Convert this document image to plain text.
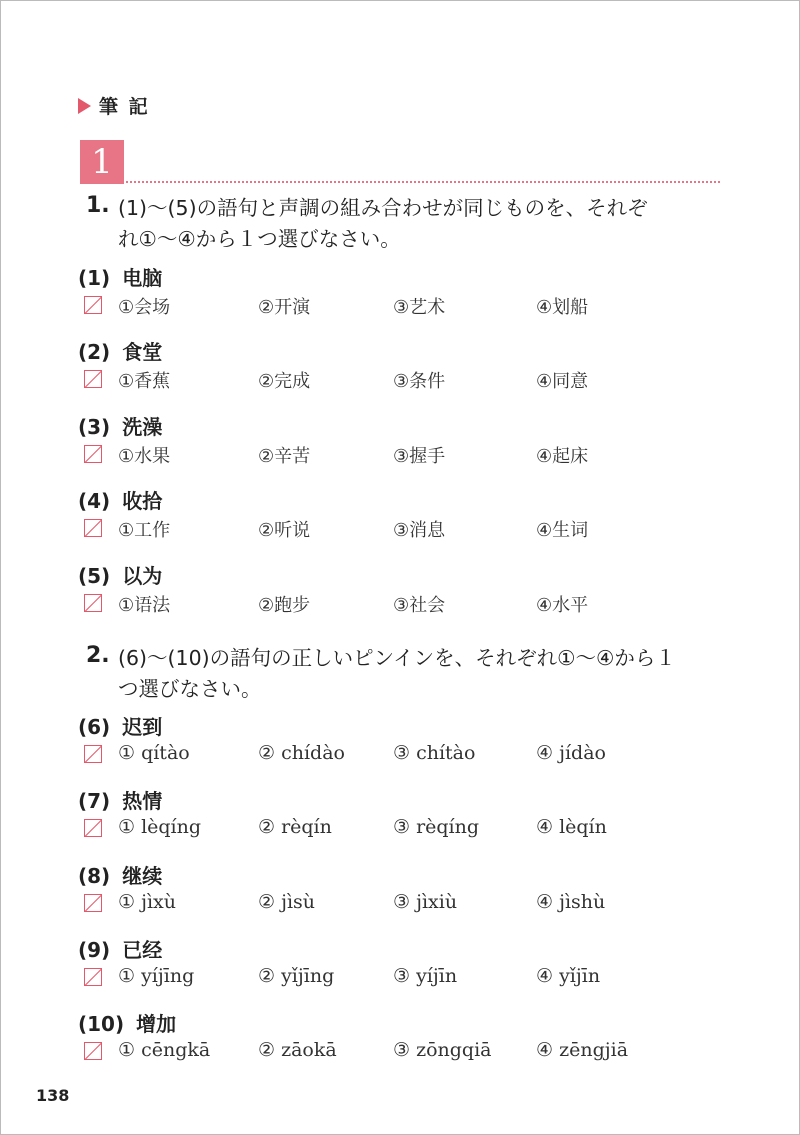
筆 記
1
1. (1)〜(5)の語句と声調の組み合わせが同じものを、それぞ
れ①〜④から１つ選びなさい。
(1) 电脑
①会场	②开演	③艺术	④划船
(2) 食堂
①香蕉	②完成	③条件	④同意
(3) 洗澡
①水果	②辛苦	③握手	④起床
(4) 收拾
①工作	②听说	③消息	④生词
(5) 以为
①语法	②跑步	③社会	④水平
2. (6)〜(10)の語句の正しいピンインを、それぞれ①〜④から１
つ選びなさい。
(6) 迟到
① qítào	② chídào	③ chítào	④ jídào
(7) 热情
① lèqíng	② rèqín	③ rèqíng	④ lèqín
(8) 继续
① jìxù	② jìsù	③ jìxiù	④ jìshù
(9) 已经
① yíjīng	② yǐjīng	③ yíjīn	④ yǐjīn
(10) 增加
① cēngkā	② zāokā	③ zōngqiā ④ zēngjiā
138
